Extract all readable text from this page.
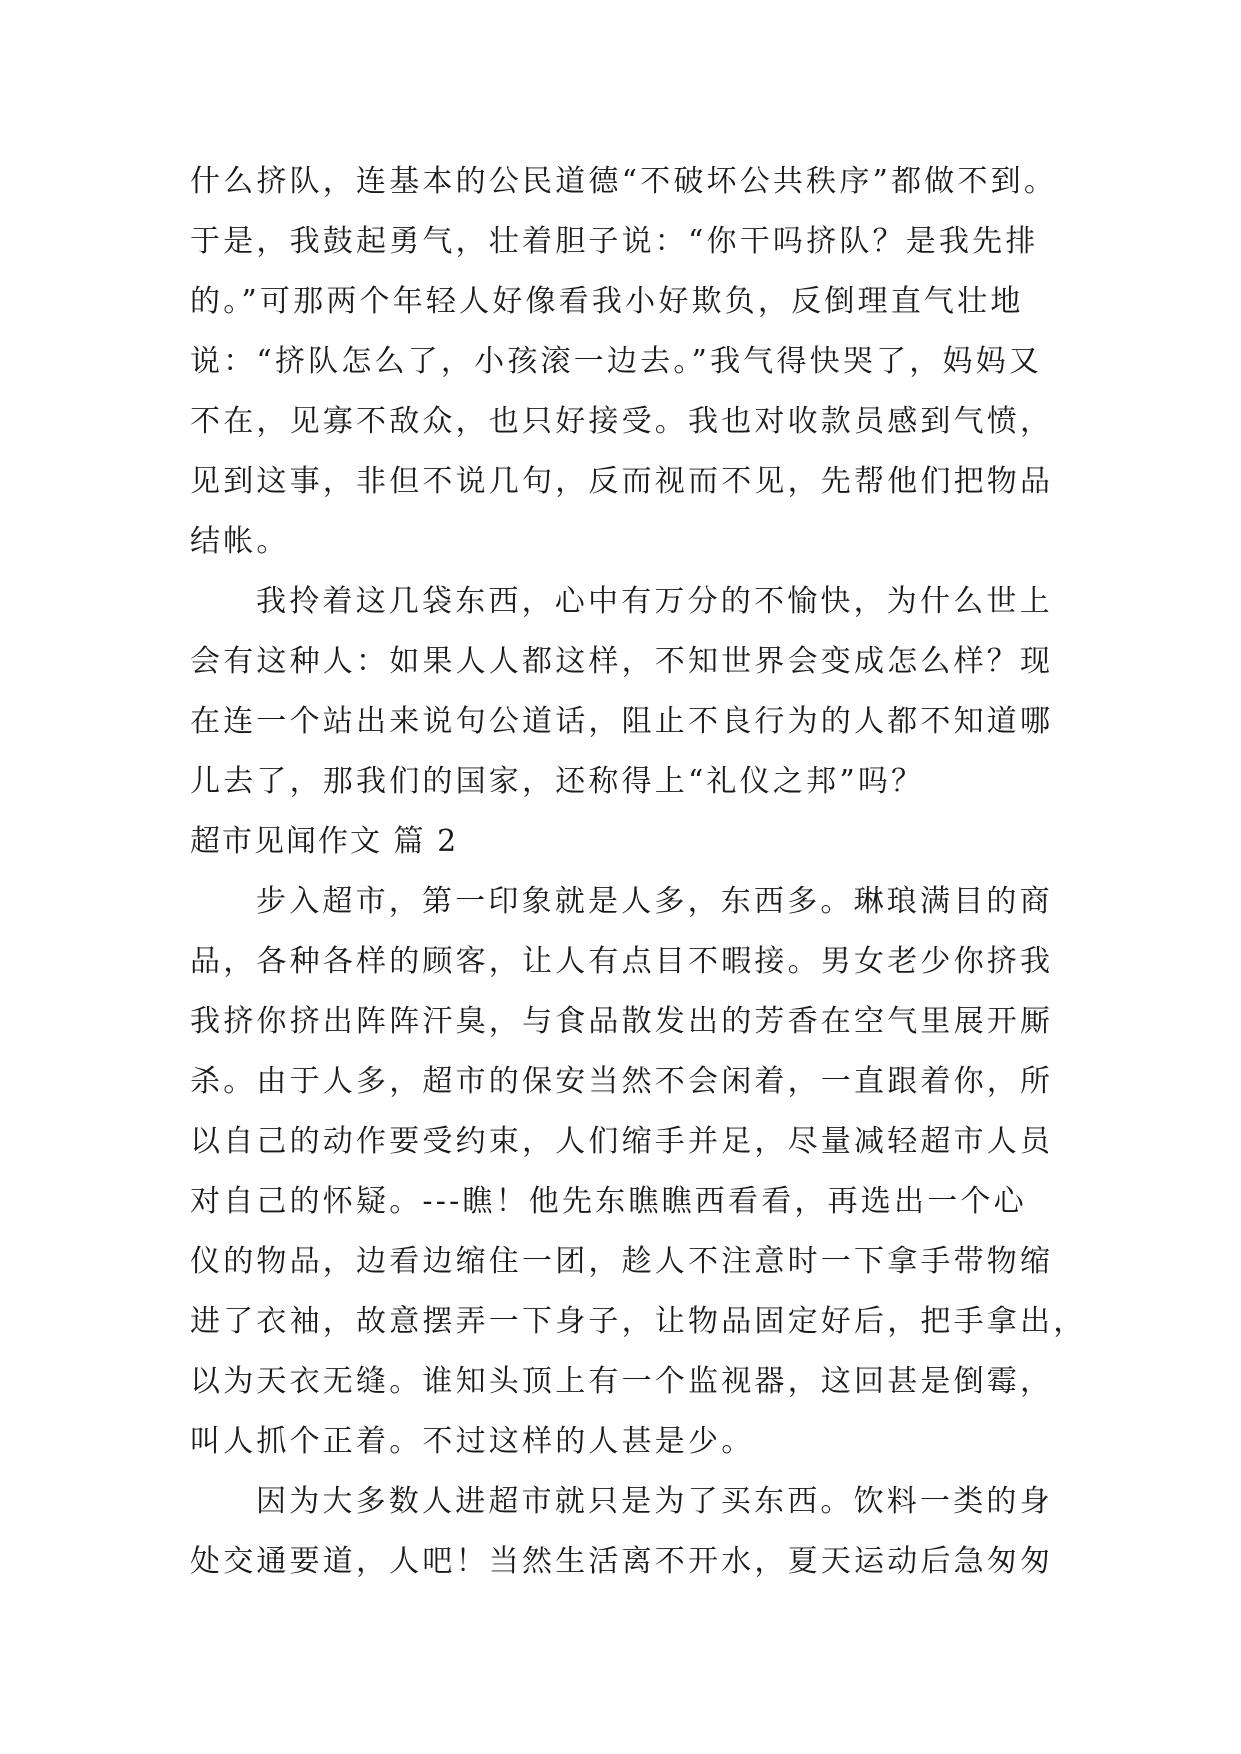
什么挤队，连基本的公民道德“不破坏公共秩序”都做不到。
于是，我鼓起勇气，壮着胆子说：“你干吗挤队？是我先排
的。”可那两个年轻人好像看我小好欺负，反倒理直气壮地
说：“挤队怎么了，小孩滚一边去。”我气得快哭了，妈妈又
不在，见寡不敌众，也只好接受。我也对收款员感到气愤，
见到这事，非但不说几句，反而视而不见，先帮他们把物品
结帐。
我拎着这几袋东西，心中有万分的不愉快，为什么世上
会有这种人：如果人人都这样，不知世界会变成怎么样？现
在连一个站出来说句公道话，阻止不良行为的人都不知道哪
儿去了，那我们的国家，还称得上“礼仪之邦”吗？
超市见闻作文 篇 2
步入超市，第一印象就是人多，东西多。琳琅满目的商
品，各种各样的顾客，让人有点目不暇接。男女老少你挤我
我挤你挤出阵阵汗臭，与食品散发出的芳香在空气里展开厮
杀。由于人多，超市的保安当然不会闲着，一直跟着你，所
以自己的动作要受约束，人们缩手并足，尽量减轻超市人员
对自己的怀疑。---瞧！他先东瞧瞧西看看，再选出一个心
仪的物品，边看边缩住一团，趁人不注意时一下拿手带物缩
进了衣袖，故意摆弄一下身子，让物品固定好后，把手拿出，
以为天衣无缝。谁知头顶上有一个监视器，这回甚是倒霉，
叫人抓个正着。不过这样的人甚是少。
因为大多数人进超市就只是为了买东西。饮料一类的身
处交通要道，人吧！当然生活离不开水，夏天运动后急匆匆
